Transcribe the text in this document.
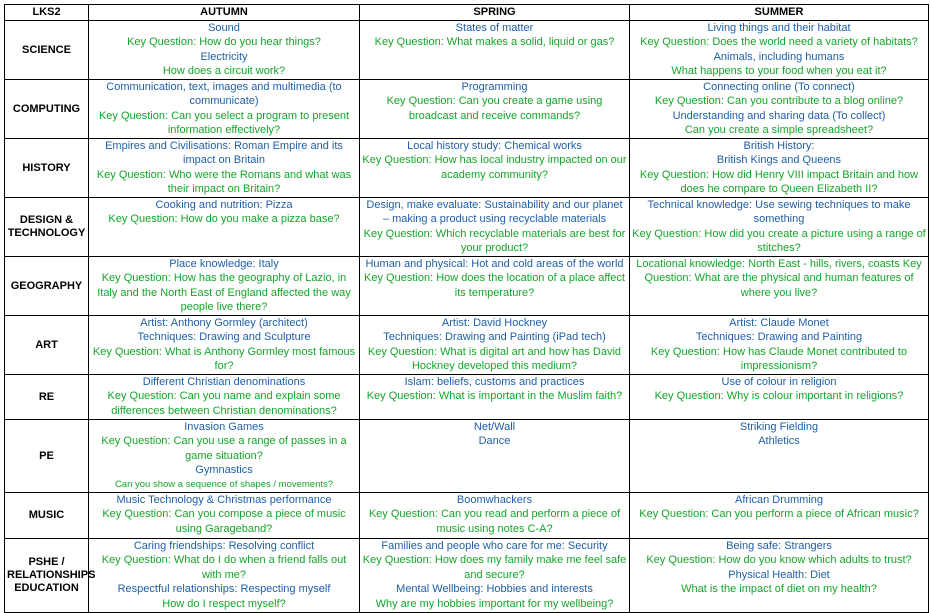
LKS2	AUTUMN	SPRING	SUMMER

SCIENCE	Sound
Key Question: How do you hear things?
Electricity
How does a circuit work?	States of matter
Key Question: What makes a solid, liquid or gas?	Living things and their habitat
Key Question: Does the world need a variety of habitats?
Animals, including humans
What happens to your food when you eat it?

COMPUTING	Communication, text, images and multimedia (to communicate)
Key Question: Can you select a program to present information effectively?	Programming
Key Question: Can you create a game using broadcast and receive commands?	Connecting online (To connect)
Key Question: Can you contribute to a blog online?
Understanding and sharing data (To collect)
Can you create a simple spreadsheet?

HISTORY	Empires and Civilisations: Roman Empire and its impact on Britain
Key Question: Who were the Romans and what was their impact on Britain?	Local history study: Chemical works
Key Question: How has local industry impacted on our academy community?	British History:
British Kings and Queens
Key Question: How did Henry VIII impact Britain and how does he compare to Queen Elizabeth II?

DESIGN &
TECHNOLOGY	Cooking and nutrition: Pizza
Key Question: How do you make a pizza base?	Design, make evaluate: Sustainability and our planet – making a product using recyclable materials
Key Question: Which recyclable materials are best for your product?	Technical knowledge: Use sewing techniques to make something
Key Question: How did you create a picture using a range of stitches?

GEOGRAPHY	Place knowledge: Italy
Key Question: How has the geography of Lazio, in Italy and the North East of England affected the way people live there?	Human and physical: Hot and cold areas of the world
Key Question: How does the location of a place affect its temperature?	Locational knowledge: North East - hills, rivers, coasts Key Question: What are the physical and human features of where you live?

ART	Artist: Anthony Gormley (architect)
Techniques: Drawing and Sculpture
Key Question: What is Anthony Gormley most famous for?	Artist: David Hockney
Techniques: Drawing and Painting (iPad tech)
Key Question: What is digital art and how has David Hockney developed this medium?	Artist: Claude Monet
Techniques: Drawing and Painting
Key Question: How has Claude Monet contributed to impressionism?

RE	Different Christian denominations
Key Question: Can you name and explain some differences between Christian denominations?	Islam: beliefs, customs and practices
Key Question: What is important in the Muslim faith?	Use of colour in religion
Key Question: Why is colour important in religions?

PE	Invasion Games
Key Question: Can you use a range of passes in a game situation?
Gymnastics
Can you show a sequence of shapes / movements?	Net/Wall
Dance	Striking Fielding
Athletics

MUSIC	Music Technology & Christmas performance
Key Question: Can you compose a piece of music using Garageband?	Boomwhackers
Key Question: Can you read and perform a piece of music using notes C-A?	African Drumming
Key Question: Can you perform a piece of African music?

PSHE /
RELATIONSHIPS
EDUCATION	Caring friendships: Resolving conflict
Key Question: What do I do when a friend falls out with me?
Respectful relationships: Respecting myself
How do I respect myself?	Families and people who care for me: Security
Key Question: How does my family make me feel safe and secure?
Mental Wellbeing: Hobbies and interests
Why are my hobbies important for my wellbeing?	Being safe: Strangers
Key Question: How do you know which adults to trust?
Physical Health: Diet
What is the impact of diet on my health?
